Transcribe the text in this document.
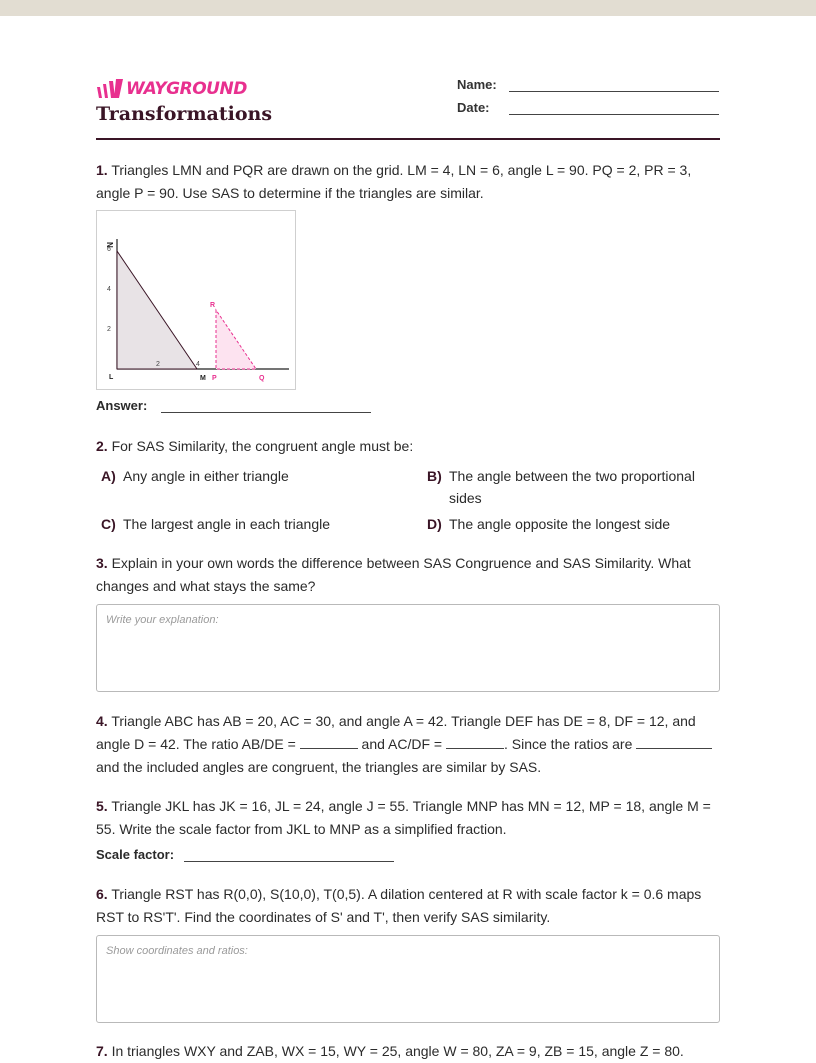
WAYGROUND
Transformations
Name:
Date:
1. Triangles LMN and PQR are drawn on the grid. LM = 4, LN = 6, angle L = 90. PQ = 2, PR = 3, angle P = 90. Use SAS to determine if the triangles are similar.
N
6
4
2
2	4
L	M P	Q
R
Answer:
2. For SAS Similarity, the congruent angle must be:
A) Any angle in either triangle	B) The angle between the two proportional sides
C) The largest angle in each triangle	D) The angle opposite the longest side
3. Explain in your own words the difference between SAS Congruence and SAS Similarity. What changes and what stays the same?
Write your explanation:
4. Triangle ABC has AB = 20, AC = 30, and angle A = 42. Triangle DEF has DE = 8, DF = 12, and angle D = 42. The ratio AB/DE =	and AC/DF =	. Since the ratios are  and the included angles are congruent, the triangles are similar by SAS.
5. Triangle JKL has JK = 16, JL = 24, angle J = 55. Triangle MNP has MN = 12, MP = 18, angle M = 55. Write the scale factor from JKL to MNP as a simplified fraction.
Scale factor:
6. Triangle RST has R(0,0), S(10,0), T(0,5). A dilation centered at R with scale factor k = 0.6 maps RST to RS'T'. Find the coordinates of S' and T', then verify SAS similarity.
Show coordinates and ratios:
7. In triangles WXY and ZAB, WX = 15, WY = 25, angle W = 80, ZA = 9, ZB = 15, angle Z = 80.
